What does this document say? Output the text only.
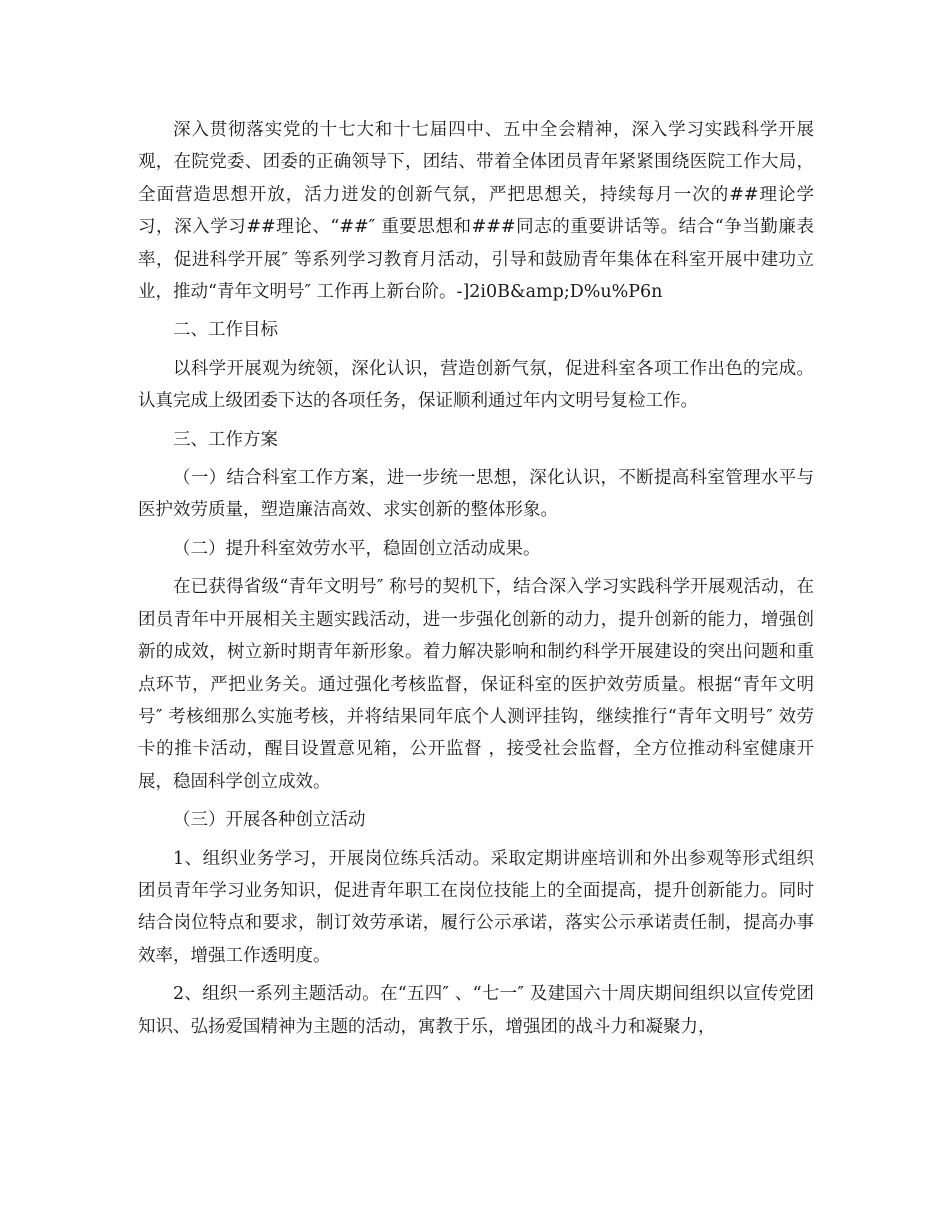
深入贯彻落实党的十七大和十七届四中、五中全会精神，深入学习实践科学开展观，在院党委、团委的正确领导下，团结、带着全体团员青年紧紧围绕医院工作大局，全面营造思想开放，活力迸发的创新气氛，严把思想关，持续每月一次的##理论学习，深入学习##理论、“##″ 重要思想和###同志的重要讲话等。结合“争当勤廉表率，促进科学开展″ 等系列学习教育月活动，引导和鼓励青年集体在科室开展中建功立业，推动“青年文明号″ 工作再上新台阶。-]2i0B&amp;D%u%P6n

二、工作目标

以科学开展观为统领，深化认识，营造创新气氛，促进科室各项工作出色的完成。认真完成上级团委下达的各项任务，保证顺利通过年内文明号复检工作。

三、工作方案

（一）结合科室工作方案，进一步统一思想，深化认识，不断提高科室管理水平与医护效劳质量，塑造廉洁高效、求实创新的整体形象。

（二）提升科室效劳水平，稳固创立活动成果。

在已获得省级“青年文明号″ 称号的契机下，结合深入学习实践科学开展观活动，在团员青年中开展相关主题实践活动，进一步强化创新的动力，提升创新的能力，增强创新的成效，树立新时期青年新形象。着力解决影响和制约科学开展建设的突出问题和重点环节，严把业务关。通过强化考核监督，保证科室的医护效劳质量。根据“青年文明号″ 考核细那么实施考核，并将结果同年底个人测评挂钩，继续推行“青年文明号″ 效劳卡的推卡活动，醒目设置意见箱，公开监督 ，接受社会监督，全方位推动科室健康开展，稳固科学创立成效。

（三）开展各种创立活动

1、组织业务学习，开展岗位练兵活动。采取定期讲座培训和外出参观等形式组织团员青年学习业务知识，促进青年职工在岗位技能上的全面提高，提升创新能力。同时结合岗位特点和要求，制订效劳承诺，履行公示承诺，落实公示承诺责任制，提高办事效率，增强工作透明度。

2、组织一系列主题活动。在“五四″ 、“七一″ 及建国六十周庆期间组织以宣传党团知识、弘扬爱国精神为主题的活动，寓教于乐，增强团的战斗力和凝聚力，
